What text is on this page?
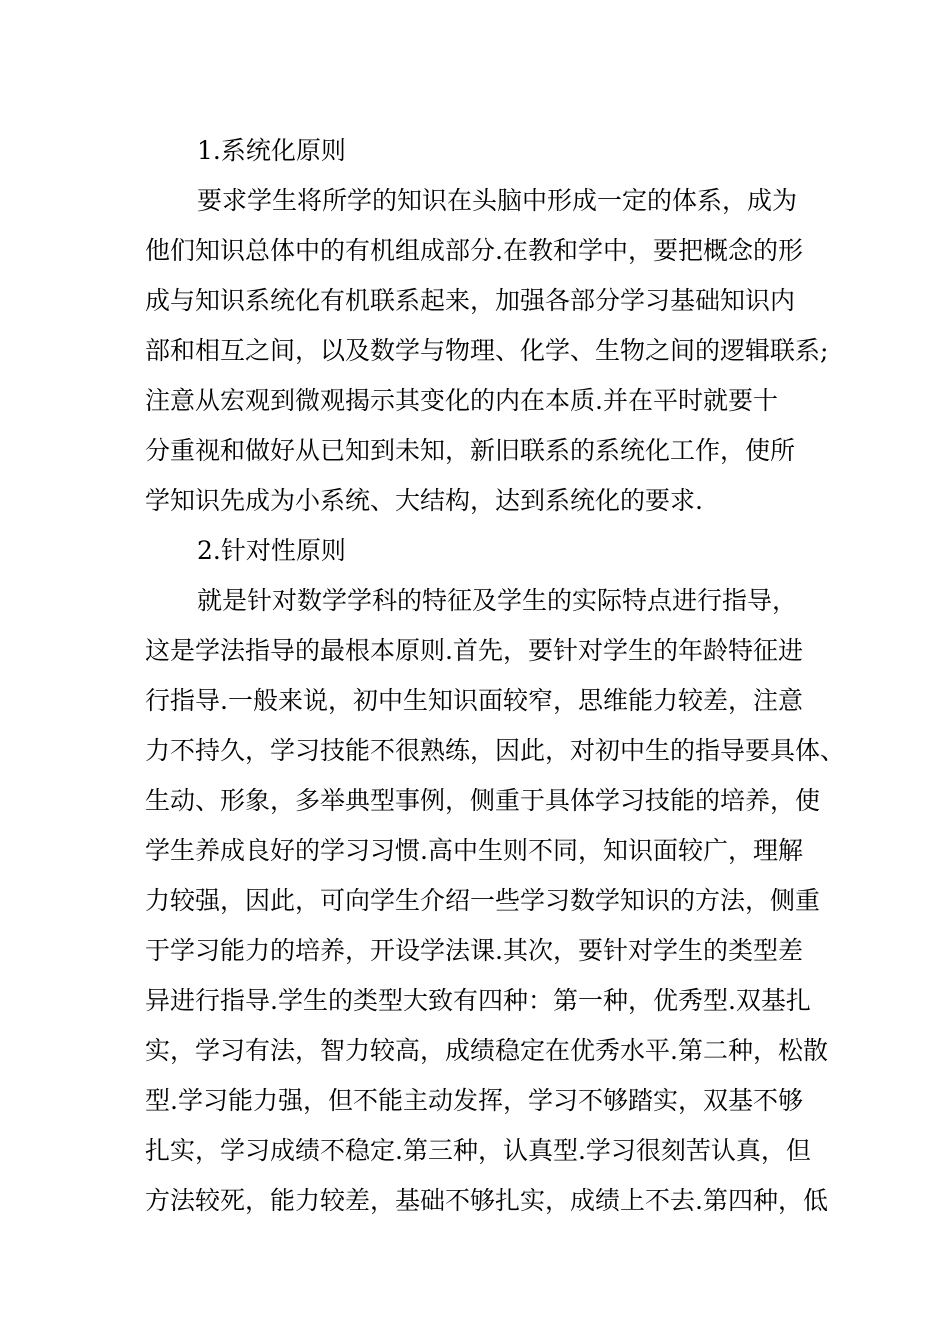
1.系统化原则
要求学生将所学的知识在头脑中形成一定的体系，成为
他们知识总体中的有机组成部分.在教和学中，要把概念的形
成与知识系统化有机联系起来，加强各部分学习基础知识内
部和相互之间，以及数学与物理、化学、生物之间的逻辑联系;
注意从宏观到微观揭示其变化的内在本质.并在平时就要十
分重视和做好从已知到未知，新旧联系的系统化工作，使所
学知识先成为小系统、大结构，达到系统化的要求.
2.针对性原则
就是针对数学学科的特征及学生的实际特点进行指导，
这是学法指导的最根本原则.首先，要针对学生的年龄特征进
行指导.一般来说，初中生知识面较窄，思维能力较差，注意
力不持久，学习技能不很熟练，因此，对初中生的指导要具体、
生动、形象，多举典型事例，侧重于具体学习技能的培养，使
学生养成良好的学习习惯.高中生则不同，知识面较广，理解
力较强，因此，可向学生介绍一些学习数学知识的方法，侧重
于学习能力的培养，开设学法课.其次，要针对学生的类型差
异进行指导.学生的类型大致有四种：第一种，优秀型.双基扎
实，学习有法，智力较高，成绩稳定在优秀水平.第二种，松散
型.学习能力强，但不能主动发挥，学习不够踏实，双基不够
扎实，学习成绩不稳定.第三种，认真型.学习很刻苦认真，但
方法较死，能力较差，基础不够扎实，成绩上不去.第四种，低
